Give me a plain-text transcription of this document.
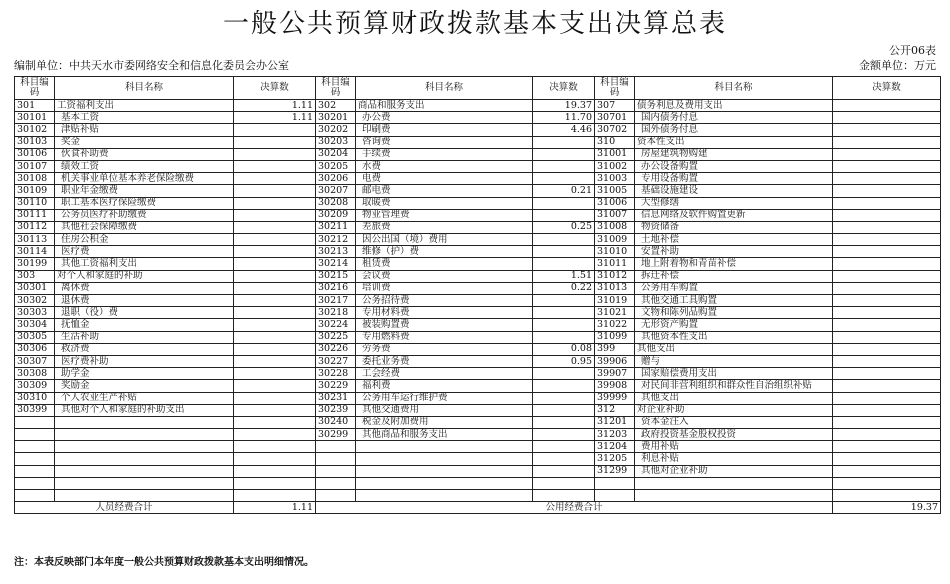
一般公共预算财政拨款基本支出决算总表
公开06表
编制单位：中共天水市委网络安全和信息化委员会办公室	金额单位：万元
科目编码	科目名称	决算数	科目编码	科目名称	决算数	科目编码	科目名称	决算数
301	工资福利支出	1.11	302	商品和服务支出	19.37	307	债务利息及费用支出	
30101	基本工资	1.11	30201	办公费	11.70	30701	国内债务付息	
30102	津贴补贴		30202	印刷费	4.46	30702	国外债务付息	
30103	奖金		30203	咨询费		310	资本性支出	
30106	伙食补助费		30204	手续费		31001	房屋建筑物购建	
30107	绩效工资		30205	水费		31002	办公设备购置	
30108	机关事业单位基本养老保险缴费		30206	电费		31003	专用设备购置	
30109	职业年金缴费		30207	邮电费	0.21	31005	基础设施建设	
30110	职工基本医疗保险缴费		30208	取暖费		31006	大型修缮	
30111	公务员医疗补助缴费		30209	物业管理费		31007	信息网络及软件购置更新	
30112	其他社会保障缴费		30211	差旅费	0.25	31008	物资储备	
30113	住房公积金		30212	因公出国（境）费用		31009	土地补偿	
30114	医疗费		30213	维修（护）费		31010	安置补助	
30199	其他工资福利支出		30214	租赁费		31011	地上附着物和青苗补偿	
303	对个人和家庭的补助		30215	会议费	1.51	31012	拆迁补偿	
30301	离休费		30216	培训费	0.22	31013	公务用车购置	
30302	退休费		30217	公务招待费		31019	其他交通工具购置	
30303	退职（役）费		30218	专用材料费		31021	文物和陈列品购置	
30304	抚恤金		30224	被装购置费		31022	无形资产购置	
30305	生活补助		30225	专用燃料费		31099	其他资本性支出	
30306	救济费		30226	劳务费	0.08	399	其他支出	
30307	医疗费补助		30227	委托业务费	0.95	39906	赠与	
30308	助学金		30228	工会经费		39907	国家赔偿费用支出	
30309	奖励金		30229	福利费		39908	对民间非营利组织和群众性自治组织补贴	
30310	个人农业生产补贴		30231	公务用车运行维护费		39999	其他支出	
30399	其他对个人和家庭的补助支出		30239	其他交通费用		312	对企业补助	
			30240	税金及附加费用		31201	资本金注入	
			30299	其他商品和服务支出		31203	政府投资基金股权投资	
						31204	费用补贴	
						31205	利息补贴	
						31299	其他对企业补助	

人员经费合计		1.11	公用经费合计					19.37
注：本表反映部门本年度一般公共预算财政拨款基本支出明细情况。
